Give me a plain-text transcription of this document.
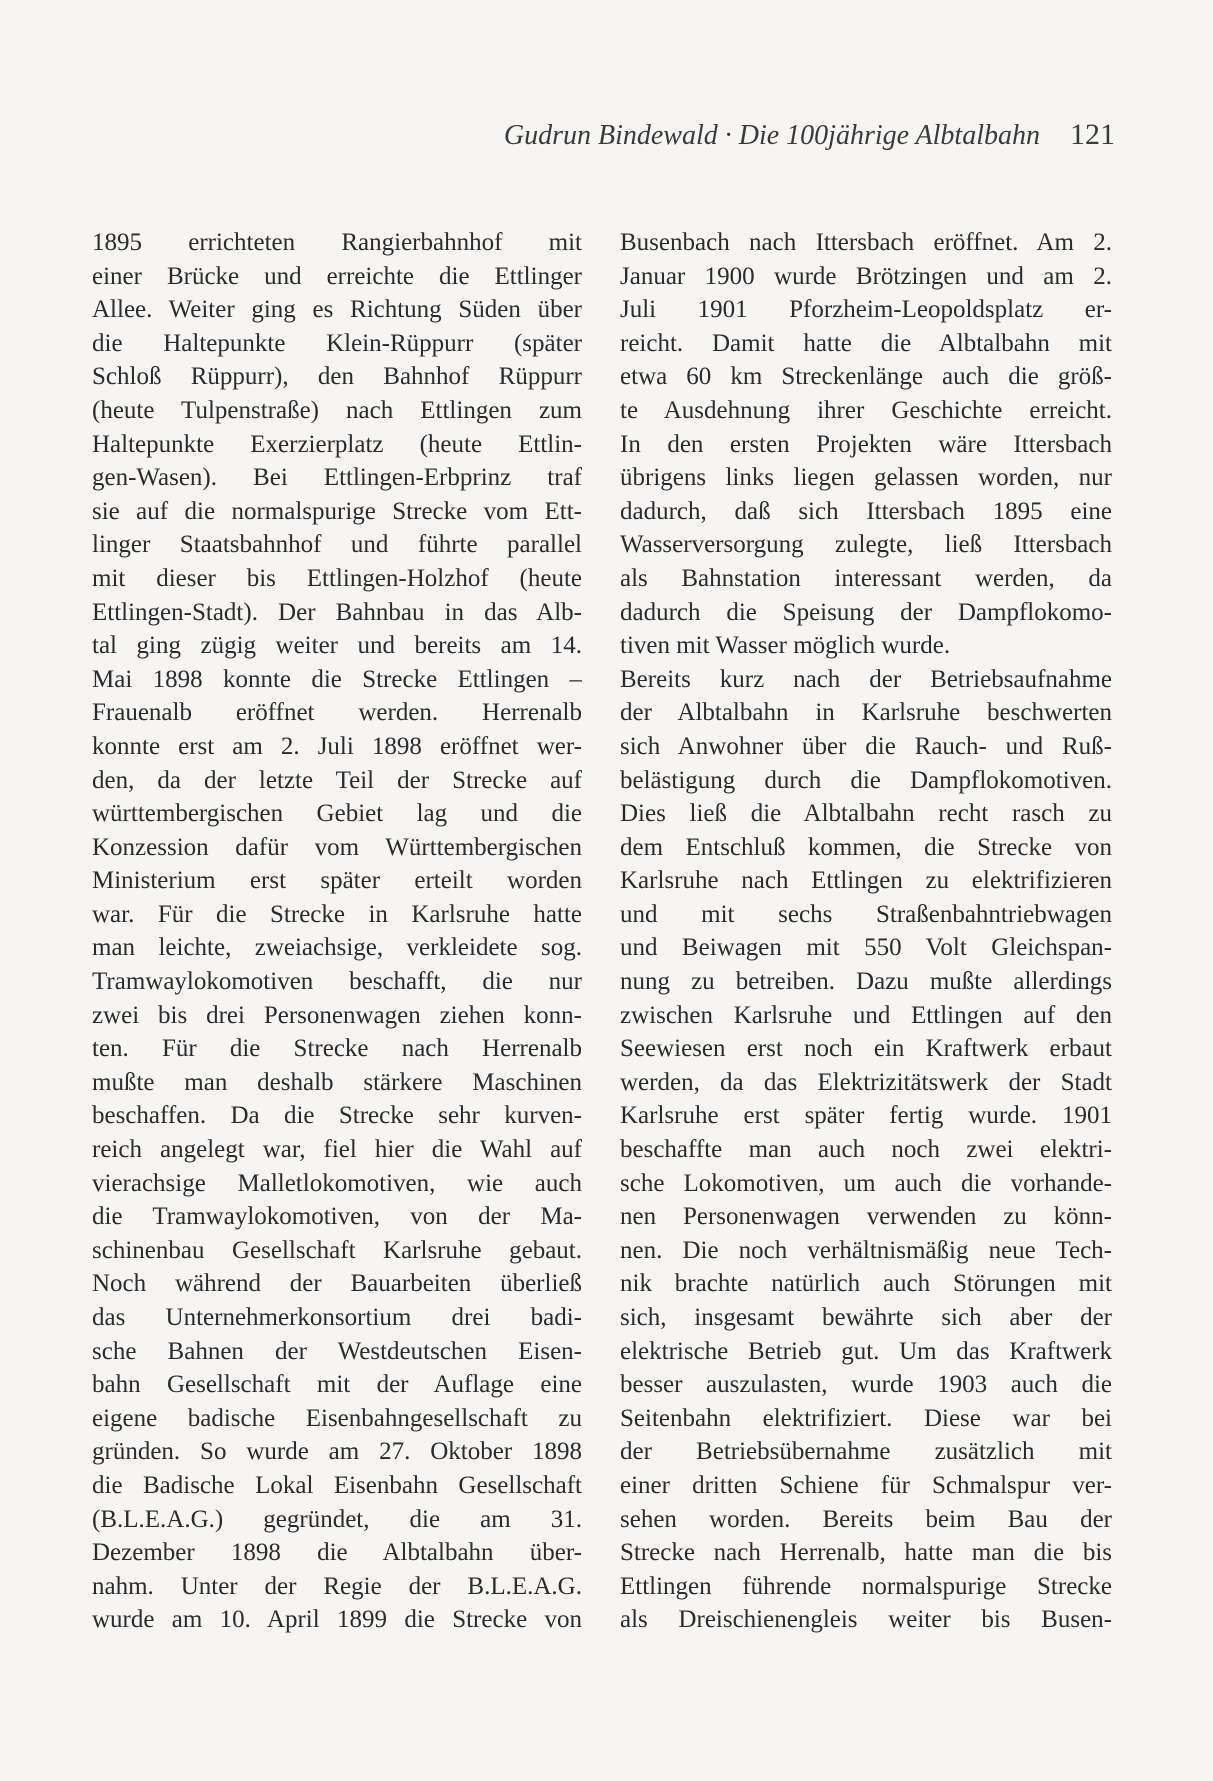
Gudrun Bindewald · Die 100jährige Albtalbahn 121
1895 errichteten Rangierbahnhof mit
einer Brücke und erreichte die Ettlinger
Allee. Weiter ging es Richtung Süden über
die Haltepunkte Klein-Rüppurr (später
Schloß Rüppurr), den Bahnhof Rüppurr
(heute Tulpenstraße) nach Ettlingen zum
Haltepunkte Exerzierplatz (heute Ettlin-
gen-Wasen). Bei Ettlingen-Erbprinz traf
sie auf die normalspurige Strecke vom Ett-
linger Staatsbahnhof und führte parallel
mit dieser bis Ettlingen-Holzhof (heute
Ettlingen-Stadt). Der Bahnbau in das Alb-
tal ging zügig weiter und bereits am 14.
Mai 1898 konnte die Strecke Ettlingen –
Frauenalb eröffnet werden. Herrenalb
konnte erst am 2. Juli 1898 eröffnet wer-
den, da der letzte Teil der Strecke auf
württembergischen Gebiet lag und die
Konzession dafür vom Württembergischen
Ministerium erst später erteilt worden
war. Für die Strecke in Karlsruhe hatte
man leichte, zweiachsige, verkleidete sog.
Tramwaylokomotiven beschafft, die nur
zwei bis drei Personenwagen ziehen konn-
ten. Für die Strecke nach Herrenalb
mußte man deshalb stärkere Maschinen
beschaffen. Da die Strecke sehr kurven-
reich angelegt war, fiel hier die Wahl auf
vierachsige Malletlokomotiven, wie auch
die Tramwaylokomotiven, von der Ma-
schinenbau Gesellschaft Karlsruhe gebaut.
Noch während der Bauarbeiten überließ
das Unternehmerkonsortium drei badi-
sche Bahnen der Westdeutschen Eisen-
bahn Gesellschaft mit der Auflage eine
eigene badische Eisenbahngesellschaft zu
gründen. So wurde am 27. Oktober 1898
die Badische Lokal Eisenbahn Gesellschaft
(B.L.E.A.G.) gegründet, die am 31.
Dezember 1898 die Albtalbahn über-
nahm. Unter der Regie der B.L.E.A.G.
wurde am 10. April 1899 die Strecke von
Busenbach nach Ittersbach eröffnet. Am 2.
Januar 1900 wurde Brötzingen und am 2.
Juli 1901 Pforzheim-Leopoldsplatz er-
reicht. Damit hatte die Albtalbahn mit
etwa 60 km Streckenlänge auch die größ-
te Ausdehnung ihrer Geschichte erreicht.
In den ersten Projekten wäre Ittersbach
übrigens links liegen gelassen worden, nur
dadurch, daß sich Ittersbach 1895 eine
Wasserversorgung zulegte, ließ Ittersbach
als Bahnstation interessant werden, da
dadurch die Speisung der Dampflokomo-
tiven mit Wasser möglich wurde.
Bereits kurz nach der Betriebsaufnahme
der Albtalbahn in Karlsruhe beschwerten
sich Anwohner über die Rauch- und Ruß-
belästigung durch die Dampflokomotiven.
Dies ließ die Albtalbahn recht rasch zu
dem Entschluß kommen, die Strecke von
Karlsruhe nach Ettlingen zu elektrifizieren
und mit sechs Straßenbahntriebwagen
und Beiwagen mit 550 Volt Gleichspan-
nung zu betreiben. Dazu mußte allerdings
zwischen Karlsruhe und Ettlingen auf den
Seewiesen erst noch ein Kraftwerk erbaut
werden, da das Elektrizitätswerk der Stadt
Karlsruhe erst später fertig wurde. 1901
beschaffte man auch noch zwei elektri-
sche Lokomotiven, um auch die vorhande-
nen Personenwagen verwenden zu könn-
nen. Die noch verhältnismäßig neue Tech-
nik brachte natürlich auch Störungen mit
sich, insgesamt bewährte sich aber der
elektrische Betrieb gut. Um das Kraftwerk
besser auszulasten, wurde 1903 auch die
Seitenbahn elektrifiziert. Diese war bei
der Betriebsübernahme zusätzlich mit
einer dritten Schiene für Schmalspur ver-
sehen worden. Bereits beim Bau der
Strecke nach Herrenalb, hatte man die bis
Ettlingen führende normalspurige Strecke
als Dreischienengleis weiter bis Busen-
